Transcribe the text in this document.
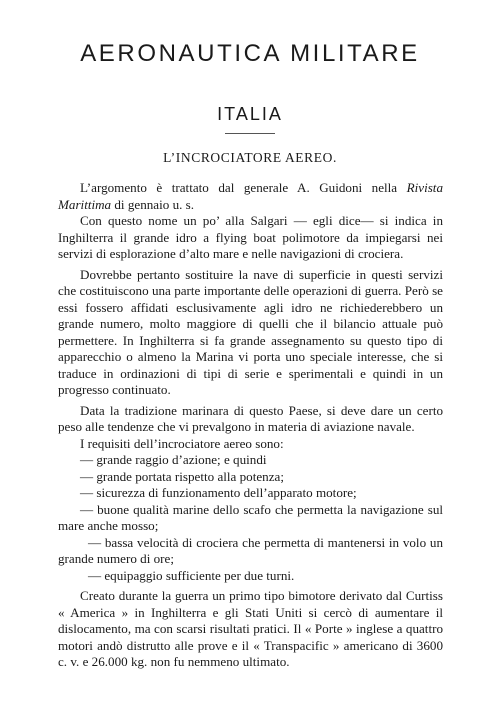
AERONAUTICA MILITARE
ITALIA
L’INCROCIATORE AEREO.

L’argomento è trattato dal generale A. Guidoni nella Rivista Marittima di gennaio u. s.

Con questo nome un po’ alla Salgari — egli dice— si indica in Inghilterra il grande idro a flying boat polimotore da impiegarsi nei servizi di esplorazione d’alto mare e nelle navigazioni di crociera.

Dovrebbe pertanto sostituire la nave di superficie in questi servizi che costituiscono una parte importante delle operazioni di guerra. Però se essi fossero affidati esclusivamente agli idro ne richiederebbero un grande numero, molto maggiore di quelli che il bilancio attuale può permettere. In Inghilterra si fa grande assegnamento su questo tipo di apparecchio o almeno la Marina vi porta uno speciale interesse, che si traduce in ordinazioni di tipi di serie e sperimentali e quindi in un progresso continuato.

Data la tradizione marinara di questo Paese, si deve dare un certo peso alle tendenze che vi prevalgono in materia di aviazione navale.

I requisiti dell’incrociatore aereo sono:

— grande raggio d’azione; e quindi

— grande portata rispetto alla potenza;

— sicurezza di funzionamento dell’apparato motore;

— buone qualità marine dello scafo che permetta la navigazione sul mare anche mosso;

— bassa velocità di crociera che permetta di mantenersi in volo un grande numero di ore;

— equipaggio sufficiente per due turni.

Creato durante la guerra un primo tipo bimotore derivato dal Curtiss « America » in Inghilterra e gli Stati Uniti si cercò di aumentare il dislocamento, ma con scarsi risultati pratici. Il « Porte » inglese a quattro motori andò distrutto alle prove e il « Transpacific » americano di 3600 c. v. e 26.000 kg. non fu nemmeno ultimato.
